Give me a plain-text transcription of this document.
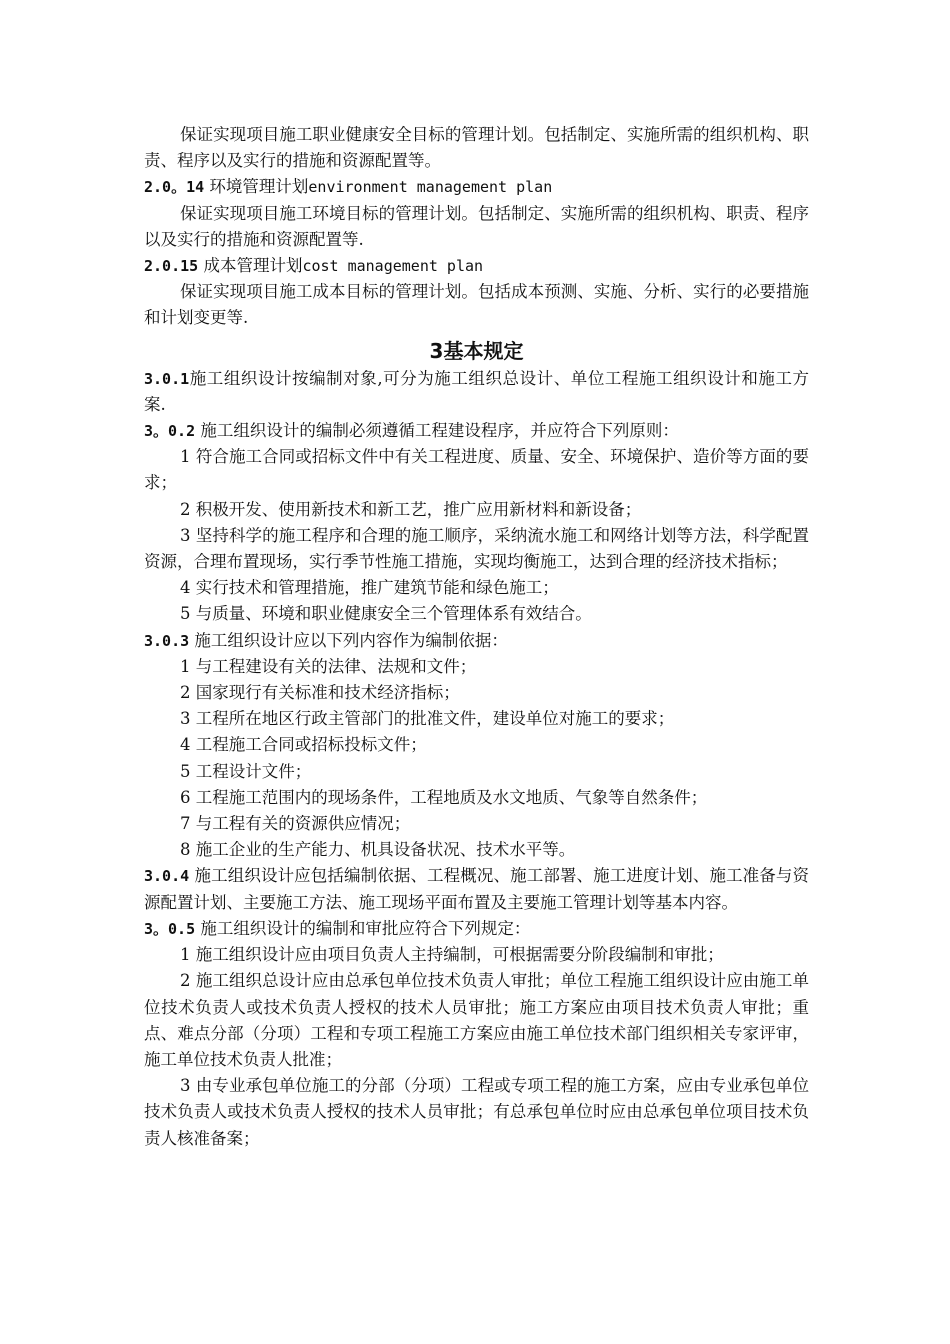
保证实现项目施工职业健康安全目标的管理计划。包括制定、实施所需的组织机构、职责、程序以及实行的措施和资源配置等。

2.0。14 环境管理计划environment management plan

保证实现项目施工环境目标的管理计划。包括制定、实施所需的组织机构、职责、程序以及实行的措施和资源配置等.

2.0.15 成本管理计划cost management plan

保证实现项目施工成本目标的管理计划。包括成本预测、实施、分析、实行的必要措施和计划变更等.

3基本规定

3.0.1施工组织设计按编制对象,可分为施工组织总设计、单位工程施工组织设计和施工方案.

3。0.2 施工组织设计的编制必须遵循工程建设程序，并应符合下列原则：

1 符合施工合同或招标文件中有关工程进度、质量、安全、环境保护、造价等方面的要求；

2 积极开发、使用新技术和新工艺，推广应用新材料和新设备；

3 坚持科学的施工程序和合理的施工顺序，采纳流水施工和网络计划等方法，科学配置资源，合理布置现场，实行季节性施工措施，实现均衡施工，达到合理的经济技术指标；

4 实行技术和管理措施，推广建筑节能和绿色施工；

5 与质量、环境和职业健康安全三个管理体系有效结合。

3.0.3 施工组织设计应以下列内容作为编制依据：

1 与工程建设有关的法律、法规和文件；

2 国家现行有关标准和技术经济指标；

3 工程所在地区行政主管部门的批准文件，建设单位对施工的要求；

4 工程施工合同或招标投标文件；

5 工程设计文件；

6 工程施工范围内的现场条件，工程地质及水文地质、气象等自然条件；

7 与工程有关的资源供应情况；

8 施工企业的生产能力、机具设备状况、技术水平等。

3.0.4 施工组织设计应包括编制依据、工程概况、施工部署、施工进度计划、施工准备与资源配置计划、主要施工方法、施工现场平面布置及主要施工管理计划等基本内容。

3。0.5 施工组织设计的编制和审批应符合下列规定：

1 施工组织设计应由项目负责人主持编制，可根据需要分阶段编制和审批；

2 施工组织总设计应由总承包单位技术负责人审批；单位工程施工组织设计应由施工单位技术负责人或技术负责人授权的技术人员审批；施工方案应由项目技术负责人审批；重点、难点分部（分项）工程和专项工程施工方案应由施工单位技术部门组织相关专家评审，施工单位技术负责人批准；

3 由专业承包单位施工的分部（分项）工程或专项工程的施工方案，应由专业承包单位技术负责人或技术负责人授权的技术人员审批；有总承包单位时应由总承包单位项目技术负责人核准备案；
